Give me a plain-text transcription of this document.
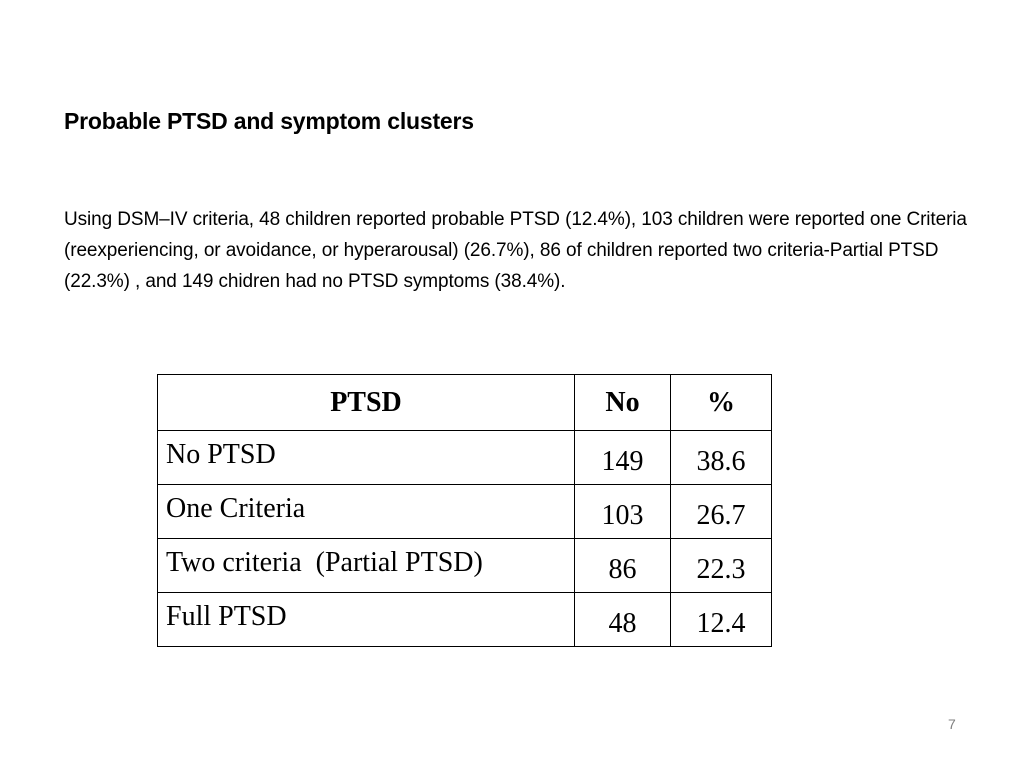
Probable PTSD and symptom clusters

Using DSM–IV criteria, 48 children reported probable PTSD (12.4%), 103 children were reported one Criteria (reexperiencing, or avoidance, or hyperarousal) (26.7%), 86 of children reported two criteria-Partial PTSD (22.3%) , and 149 chidren had no PTSD symptoms (38.4%).

PTSD	No	%
No PTSD	149	38.6
One Criteria	103	26.7
Two criteria  (Partial PTSD)	86	22.3
Full PTSD	48	12.4
7
